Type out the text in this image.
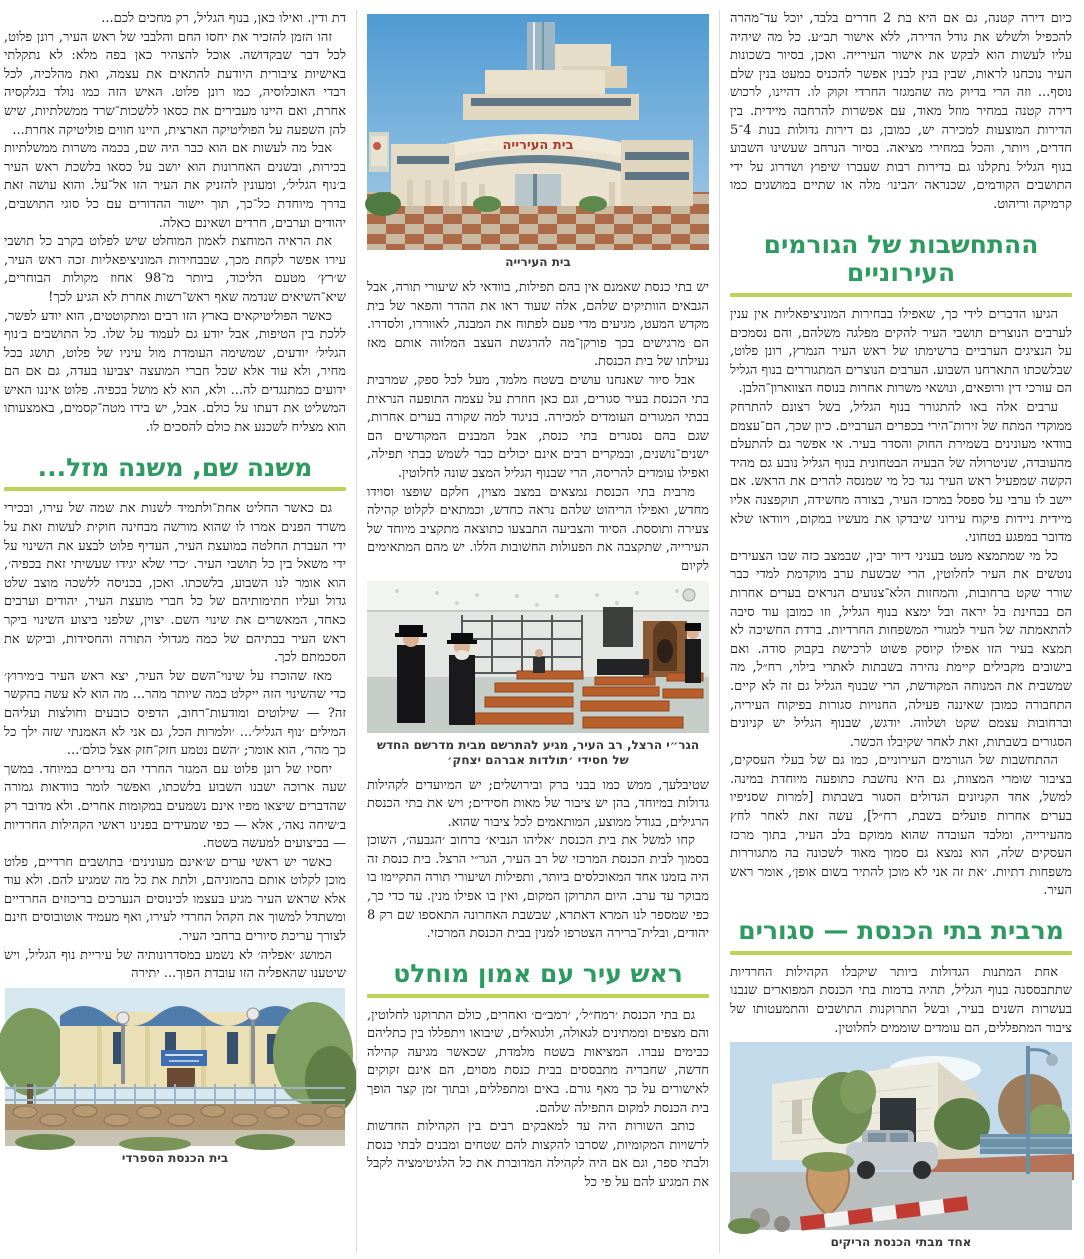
כיום דירה קטנה, גם אם היא בת 2 חדרים בלבד, יוכל עד־מהרה להכפיל ולשלש את גודל הדירה, ללא אישור תב״ע. כל מה שיהיה עליו לעשות הוא לבקש את אישור העירייה. ואכן, בסיור בשכונות העיר נוכחנו לראות, שבין בנין לבנין אפשר להכניס כמעט בנין שלם נוסף... וזה הרי בדיוק מה שהמגזר החרדי זקוק לו. דהיינו, לרכוש דירה קטנה במחיר מוזל מאוד, עם אפשרות להרחבה מיידית. בין הדירות המוצעות למכירה יש, כמובן, גם דירות גדולות בנות 4־5 חדרים, ויותר, והכל במחירי מציאה. בסיור הנרחב שעשינו השבוע בנוף הגליל נתקלנו גם בדירות רבות שעברו שיפוץ ושדרוג על ידי התושבים הקודמים, שכנראה ׳הבינו׳ מלה או שתיים במושגים כמו קרמיקה וריהוט.

ההתחשבות של הגורמים העירוניים

הגיעו הדברים לידי כך, שאפילו בבחירות המוניציפאליות אין ענין לערבים הנוצרים תושבי העיר להקים מפלגה משלהם, והם נסמכים על הנציגים הערביים ברשימתו של ראש העיר הנמרץ, רונן פלוט, שבלשכתו התארחנו השבוע. הערבים הנוצרים המתגוררים בנוף הגליל הם עורכי דין ורופאים, ונושאי משרות אחרות בנוסח הצווארון־הלבן.

ערבים אלה באו להתגורר בנוף הגליל, בשל רצונם להתרחק ממוקדי המתח של זירות־הירי בכפרים הערביים. כיון שכך, הם־עצמם בוודאי מעונינים בשמירת החוק והסדר בעיר. אי אפשר גם להתעלם מהעובדה, שניטרולה של הבעיה הבטחונית בנוף הגליל נובע גם מהיד הקשה שמפעיל ראש העיר נגד כל מי שמנסה להרים את הראש. אם יישב לו ערבי על ספסל במרכז העיר, בצורה מחשידה, תוקפצנה אליו מיידית ניידות פיקוח עירוני שיבדקו את מעשיו במקום, ויוודאו שלא מדובר במפגע בטחוני.

כל מי שמתמצא מעט בעניני דיור יבין, שבמצב כזה שבו הצעירים נוטשים את העיר לחלוטין, הרי שבשעת ערב מוקדמת למדי כבר שורר שקט ברחובות, והמחזות הלא־צנועים הנראים בערים אחרות הם בבחינת בל יראה ובל ימצא בנוף הגליל, וזו כמובן עוד סיבה להתאמתה של העיר למגורי המשפחות החרדיות. ברדת החשיכה לא תמצא בעיר הזו אפילו קיוסק פשוט לרכישת בקבוק סודה. ואם בישובים מקבילים קיימת נהירה בשבתות לאתרי בילוי, רח״ל, מה שמשבית את המנוחה המקודשת, הרי שבנוף הגליל גם זה לא קיים. התחבורה כמובן שאיננה פעילה, החנויות סגורות בפיקוח העיריה, וברחובות עצמם שקט ושלווה. יודגש, שבנוף הגליל יש קניונים הסגורים בשבתות, זאת לאחר שקיבלו הכשר.

ההתחשבות של הגורמים העירוניים, כמו גם של בעלי העסקים, בציבור שומרי המצוות, גם היא נחשבת כתופעה מיוחדת במינה. למשל, אחד הקניונים הגדולים הסגור בשבתות [למרות שסניפיו בערים אחרות פועלים בשבת, רח״ל], עשה זאת לאחר לחץ מהעירייה, ומלבד העובדה שהוא ממוקם בלב העיר, בתוך מרכז העסקים שלה, הוא נמצא גם סמוך מאוד לשכונה בה מתגוררות משפחות דתיות. ׳את זה אני לא מוכן להתיר בשום אופן׳, אומר ראש העיר.

מרבית בתי הכנסת — סגורים

אחת המתנות הגדולות ביותר שיקבלו הקהילות החרדיות שתתבססנה בנוף הגליל, תהיה בדמות בתי הכנסת המפוארים שנבנו בעשרות השנים בעיר, ובשל התרוקנות התושבים והתמעטותו של ציבור המתפללים, הם עומדים שוממים לחלוטין.

אחד מבתי הכנסת הריקים
בית העירייה
בית העירייה

יש בתי כנסת שאמנם אין בהם תפילות, בוודאי לא שיעורי תורה, אבל הגבאים הוותיקים שלהם, אלה שעוד ראו את ההדר והפאר של בית מקדש המעט, מגיעים מדי פעם לפתוח את המבנה, לאווררו, ולסדרו. הם מרגישים בכך פורקן־מה להרגשת העצב המלווה אותם מאז נעילתו של בית הכנסת.

אבל סיור שאנחנו עושים בשטח מלמד, מעל לכל ספק, שמרבית בתי הכנסת בעיר סגורים, וגם כאן חוזרת על עצמה התופעה הנראית בבתי המגורים העומדים למכירה. בניגוד למה שקורה בערים אחרות, שגם בהם נסגרים בתי כנסת, אבל המבנים המקודשים הם ישנים־נושנים, ובמקרים רבים אינם יכולים כבר לשמש כבתי תפילה, ואפילו עומדים להריסה, הרי שבנוף הגליל המצב שונה לחלוטין.

מרבית בתי הכנסת נמצאים במצב מצוין, חלקם שופצו וסוידו מחדש, ואפילו הריהוט שלהם נראה כחדש, וכמתאים לקלוט קהילה צעירה ותוססת. הסיוד והצביעה התבצעו כתוצאה מתקציב מיוחד של העירייה, שתקצבה את הפעולות החשובות הללו. יש מהם המתאימים לקיום

הגר״י הרצל, רב העיר, מגיע להתרשם מבית מדרשם החדש של חסידי ׳תולדות אברהם יצחק׳

שטיבלעך, ממש כמו בבני ברק ובירושלים; יש המיועדים לקהילות גדולות במיוחד, בהן יש ציבור של מאות חסידים; ויש את בתי הכנסת הרגילים, בגודל ממוצע, המותאמים לכל ציבור שהוא.

קחו למשל את בית הכנסת ׳אליהו הנביא׳ ברחוב ׳הגבעה׳, השוכן בסמוך לבית הכנסת המרכזי של רב העיר, הגר״י הרצל. בית כנסת זה היה בזמנו אחד המאוכלסים ביותר, ותפילות ושיעורי תורה התקיימו בו מבוקר עד ערב. היום התרוקן המקום, ואין בו אפילו מנין. עד כדי כך, כפי שמספר לנו המרא דאתרא, שבשבת האחרונה התאספו שם רק 8 יהודים, ובלית־ברירה הצטרפו למנין בבית הכנסת המרכזי.

ראש עיר עם אמון מוחלט

גם בתי הכנסת ׳רמח״ל׳, ׳רמב״ם׳ ואחרים, כולם התרוקנו לחלוטין, והם מצפים וממתינים לגאולה, ולגואלים, שיבואו ויתפללו בין כתליהם כבימים עברו. המציאות בשטח מלמדת, שכאשר מגיעה קהילה חדשה, שחבריה מתבססים בבית כנסת מסוים, הם אינם זקוקים לאישורים על כך מאף גורם. באים ומתפללים, ובתוך זמן קצר הופך בית הכנסת למקום התפילה שלהם.

כותב השורות היה עד למאבקים רבים בין הקהילות החדשות לרשויות המקומיות, שסרבו להקצות להם שטחים ומבנים לבתי כנסת ולבתי ספר, וגם אם היה לקהילה המדוברת את כל הלגיטימציה לקבל את המגיע להם על פי כל

דת ודין. ואילו כאן, בנוף הגליל, רק מחכים לכם...

זהו הזמן להזכיר את יחסו החם והלבבי של ראש העיר, רונן פלוט, לכל דבר שבקדושה. אוכל להצהיר כאן בפה מלא: לא נתקלתי באישיות ציבורית היודעת להתאים את עצמה, ואת מהלכיה, לכל רבדי האוכלוסיה, כמו רונן פלוט. האיש הזה כמו נולד בגלקסיה אחרת, ואם היינו מעבירים את כסאו ללשכות־שרד ממשלתיות, שיש להן השפעה על הפוליטיקה הארצית, היינו חווים פוליטיקה אחרת...

אבל מה לעשות אם הוא כבר היה שם, בכמה משרות ממשלתיות בכירות, ובשנים האחרונות הוא יושב על כסאו בלשכת ראש העיר ב׳נוף הגליל׳, ומעונין להזניק את העיר הזו אל־על. והוא עושה זאת בדרך מיוחדת כל־כך, תוך יישור ההדורים עם כל סוגי התושבים, יהודים וערבים, חרדים ושאינם כאלה.

את הראיה המוחצת לאמון המוחלט שיש לפלוט בקרב כל תושבי עירו אפשר לקחת מכך, שבבחירות המוניציפאליות זכה ראש העיר, ש׳רץ׳ מטעם הליכוד, ביותר מ־98 אחוז מקולות הבוחרים, שיא־השיאים שנדמה שאף ראש־רשות אחרת לא הגיע לכך!

כאשר הפוליטיקאים בארץ הזו רבים ומתקוטטים, הוא יודע לפשר, ללכת בין הטיפות, אבל יודע גם לעמוד על שלו. כל התושבים ב׳נוף הגליל׳ יודעים, שמשימה העומדת מול עיניו של פלוט, תושג בכל מחיר, ולא עוד אלא שכל חברי המועצה יצביעו בעדה, גם אם הם ידועים כמתנגדים לה... ולא, הוא לא מושל בכפיה. פלוט איננו האיש המשליט את דעתו על כולם. אבל, יש בידו מטה־קסמים, באמצעותו הוא מצליח לשכנע את כולם להסכים לו.

משנה שם, משנה מזל...

גם כאשר החליט אחת־ולתמיד לשנות את שמה של עירו, ובכירי משרד הפנים אמרו לו שהוא מורשה מבחינה חוקית לעשות זאת על ידי העברת החלטה במועצת העיר, העדיף פלוט לבצע את השינוי על ידי משאל בין כל תושבי העיר. ׳כדי שלא יגידו שעשיתי זאת בכפיה׳, הוא אומר לנו השבוע, בלשכתו. ואכן, בכניסה ללשכה מוצב שלט גדול ועליו חתימותיהם של כל חברי מועצת העיר, יהודים וערבים כאחד, המאשרים את שינוי השם. יצוין, שלפני ביצוע השינוי ביקר ראש העיר בבתיהם של כמה מגדולי התורה והחסידות, וביקש את הסכמתם לכך.

מאז שהוכרז על שינוי־השם של העיר, יצא ראש העיר ב׳מירוץ׳ כדי שהשינוי הזה ייקלט כמה שיותר מהר... מה הוא לא עשה בהקשר זה? — שילוטים ומודעות־רחוב, הדפיס כובעים וחולצות ועליהם המילים ׳נוף הגליל׳... ׳ולמרות הכל, גם אני לא האמנתי שזה ילך כל כך מהר׳, הוא אומר; ׳השם נטמע חזק־חזק אצל כולם׳...

יחסיו של רונן פלוט עם המגזר החרדי הם נדירים במיוחד. במשך שעה ארוכה ישבנו השבוע בלשכתו, ואפשר לומר בוודאות גמורה שהדברים שיצאו מפיו אינם נשמעים במקומות אחרים. ולא מדובר רק ב׳שיחה נאה׳, אלא — כפי שמעידים בפנינו ראשי הקהילות החרדיות — בביצועים למעשה בשטח.

כאשר יש ראשי ערים ש׳אינם מעונינים׳ בתושבים חרדיים, פלוט מוכן לקלוט אותם בהמוניהם, ולתת את כל מה שמגיע להם. ולא עוד אלא שראש העיר מגיע בעצמו לכינוסים הנערכים בריכוזים החרדיים ומשתדל למשוך את הקהל החרדי לעירו, ואף מעמיד אוטובוסים חינם לצורך עריכת סיורים ברחבי העיר.

המושג ׳אפליה׳ לא נשמע במסדרונותיה של עיריית נוף הגליל, ויש שיטענו שהאפליה הזו עובדת הפוך... יתירה

בית הכנסת הספרדי
